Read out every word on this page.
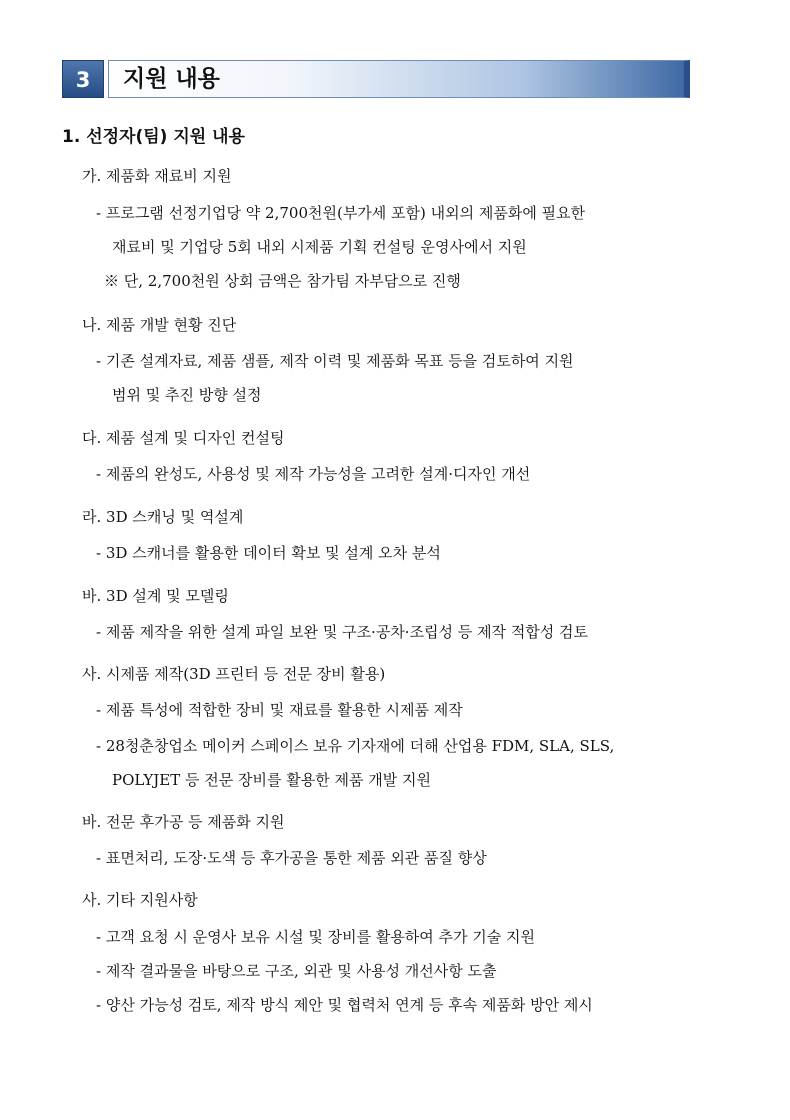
3	지원 내용
1. 선정자(팀) 지원 내용
가. 제품화 재료비 지원
- 프로그램 선정기업당 약 2,700천원(부가세 포함) 내외의 제품화에 필요한
재료비 및 기업당 5회 내외 시제품 기획 컨설팅 운영사에서 지원
※ 단, 2,700천원 상회 금액은 참가팀 자부담으로 진행
나. 제품 개발 현황 진단
- 기존 설계자료, 제품 샘플, 제작 이력 및 제품화 목표 등을 검토하여 지원
범위 및 추진 방향 설정
다. 제품 설계 및 디자인 컨설팅
- 제품의 완성도, 사용성 및 제작 가능성을 고려한 설계·디자인 개선
라. 3D 스캐닝 및 역설계
- 3D 스캐너를 활용한 데이터 확보 및 설계 오차 분석
바. 3D 설계 및 모델링
- 제품 제작을 위한 설계 파일 보완 및 구조·공차·조립성 등 제작 적합성 검토
사. 시제품 제작(3D 프린터 등 전문 장비 활용)
- 제품 특성에 적합한 장비 및 재료를 활용한 시제품 제작
- 28청춘창업소 메이커 스페이스 보유 기자재에 더해 산업용 FDM, SLA, SLS,
POLYJET 등 전문 장비를 활용한 제품 개발 지원
바. 전문 후가공 등 제품화 지원
- 표면처리, 도장·도색 등 후가공을 통한 제품 외관 품질 향상
사. 기타 지원사항
- 고객 요청 시 운영사 보유 시설 및 장비를 활용하여 추가 기술 지원
- 제작 결과물을 바탕으로 구조, 외관 및 사용성 개선사항 도출
- 양산 가능성 검토, 제작 방식 제안 및 협력처 연계 등 후속 제품화 방안 제시
